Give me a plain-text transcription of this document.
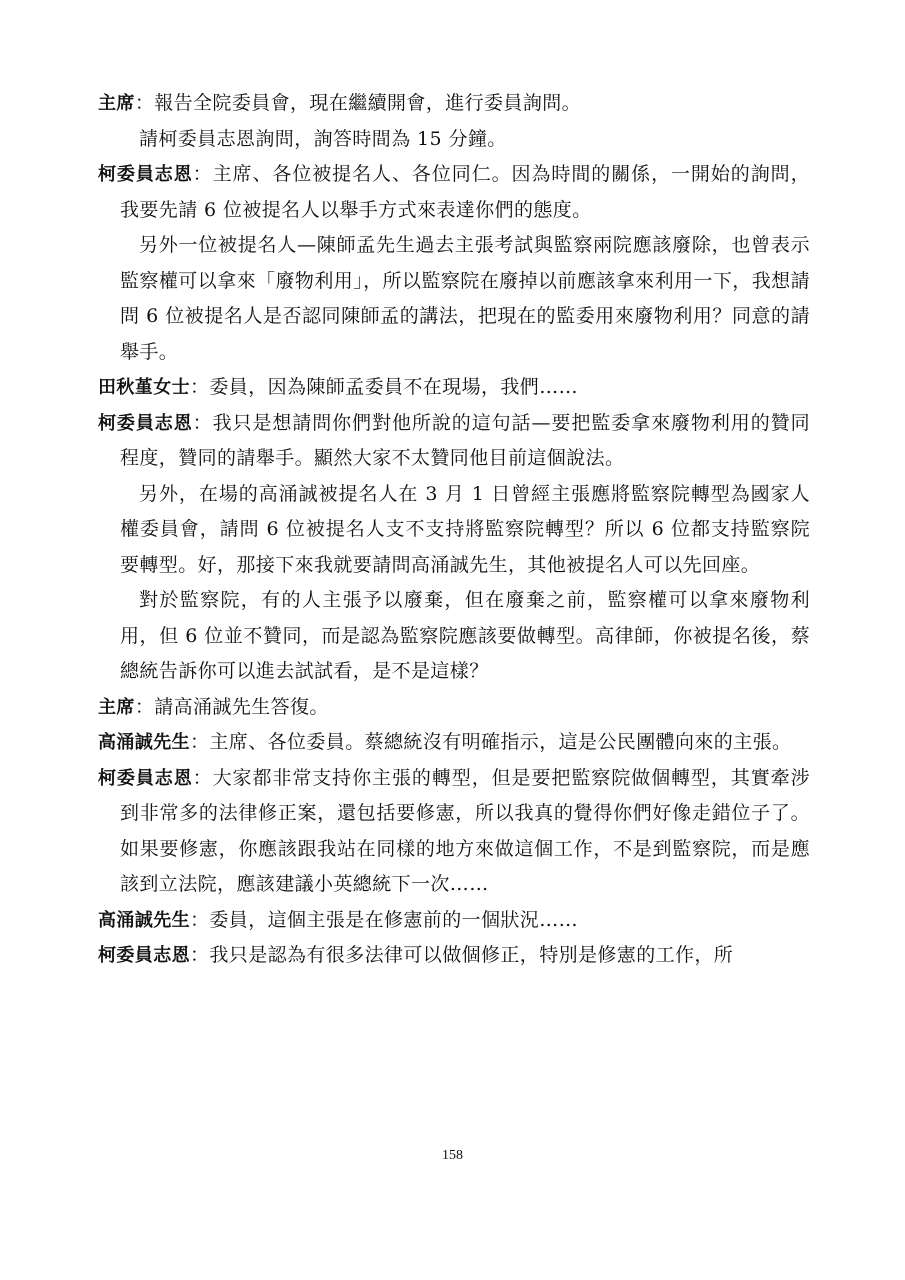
主席：報告全院委員會，現在繼續開會，進行委員詢問。

請柯委員志恩詢問，詢答時間為 15 分鐘。

柯委員志恩：主席、各位被提名人、各位同仁。因為時間的關係，一開始的詢問，我要先請 6 位被提名人以舉手方式來表達你們的態度。

另外一位被提名人—陳師孟先生過去主張考試與監察兩院應該廢除，也曾表示監察權可以拿來「廢物利用」，所以監察院在廢掉以前應該拿來利用一下，我想請問 6 位被提名人是否認同陳師孟的講法，把現在的監委用來廢物利用？同意的請舉手。

田秋堇女士：委員，因為陳師孟委員不在現場，我們……

柯委員志恩：我只是想請問你們對他所說的這句話—要把監委拿來廢物利用的贊同程度，贊同的請舉手。顯然大家不太贊同他目前這個說法。

另外，在場的高涌誠被提名人在 3 月 1 日曾經主張應將監察院轉型為國家人權委員會，請問 6 位被提名人支不支持將監察院轉型？所以 6 位都支持監察院要轉型。好，那接下來我就要請問高涌誠先生，其他被提名人可以先回座。

對於監察院，有的人主張予以廢棄，但在廢棄之前，監察權可以拿來廢物利用，但 6 位並不贊同，而是認為監察院應該要做轉型。高律師，你被提名後，蔡總統告訴你可以進去試試看，是不是這樣？

主席：請高涌誠先生答復。

高涌誠先生：主席、各位委員。蔡總統沒有明確指示，這是公民團體向來的主張。

柯委員志恩：大家都非常支持你主張的轉型，但是要把監察院做個轉型，其實牽涉到非常多的法律修正案，還包括要修憲，所以我真的覺得你們好像走錯位子了。如果要修憲，你應該跟我站在同樣的地方來做這個工作，不是到監察院，而是應該到立法院，應該建議小英總統下一次……

高涌誠先生：委員，這個主張是在修憲前的一個狀況……

柯委員志恩：我只是認為有很多法律可以做個修正，特別是修憲的工作，所

158
